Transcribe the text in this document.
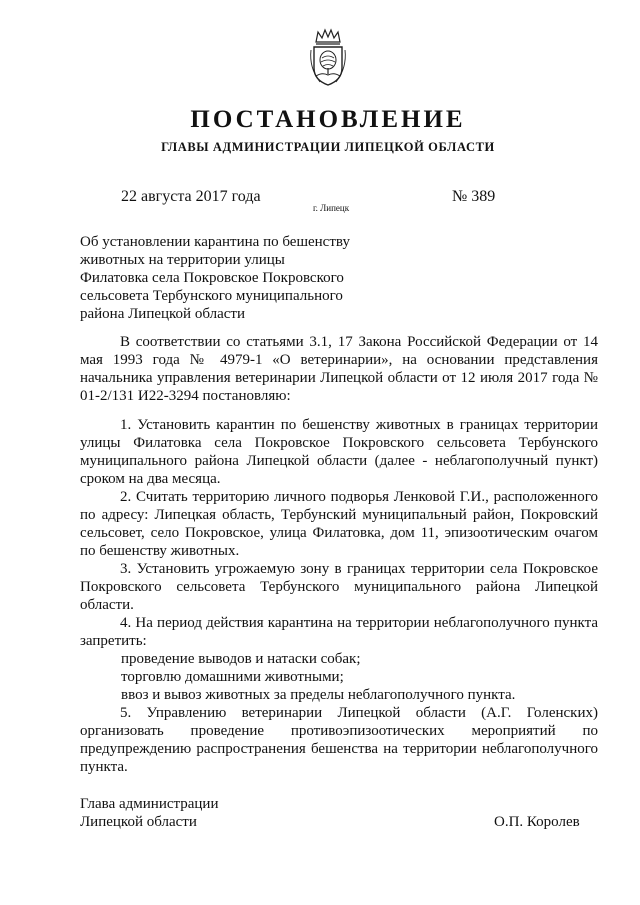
ПОСТАНОВЛЕНИЕ
ГЛАВЫ АДМИНИСТРАЦИИ ЛИПЕЦКОЙ ОБЛАСТИ
22 августа 2017 года
г. Липецк
№ 389
Об установлении карантина по бешенству
животных на территории улицы
Филатовка села Покровское Покровского
сельсовета Тербунского муниципального
района Липецкой области

В соответствии со статьями 3.1, 17 Закона Российской Федерации от 14 мая 1993 года № 4979-1 «О ветеринарии», на основании представления начальника управления ветеринарии Липецкой области от 12 июля 2017 года № 01-2/131 И22-3294 постановляю:

1. Установить карантин по бешенству животных в границах территории улицы Филатовка села Покровское Покровского сельсовета Тербунского муниципального района Липецкой области (далее - неблагополучный пункт) сроком на два месяца.

2. Считать территорию личного подворья Ленковой Г.И., расположенного по адресу: Липецкая область, Тербунский муниципальный район, Покровский сельсовет, село Покровское, улица Филатовка, дом 11, эпизоотическим очагом по бешенству животных.

3. Установить угрожаемую зону в границах территории села Покровское Покровского сельсовета Тербунского муниципального района Липецкой области.

4. На период действия карантина на территории неблагополучного пункта запретить:

проведение выводов и натаски собак;

торговлю домашними животными;

ввоз и вывоз животных за пределы неблагополучного пункта.

5. Управлению ветеринарии Липецкой области (А.Г. Голенских) организовать проведение противоэпизоотических мероприятий по предупреждению распространения бешенства на территории неблагополучного пункта.

Глава администрации
Липецкой области	О.П. Королев
